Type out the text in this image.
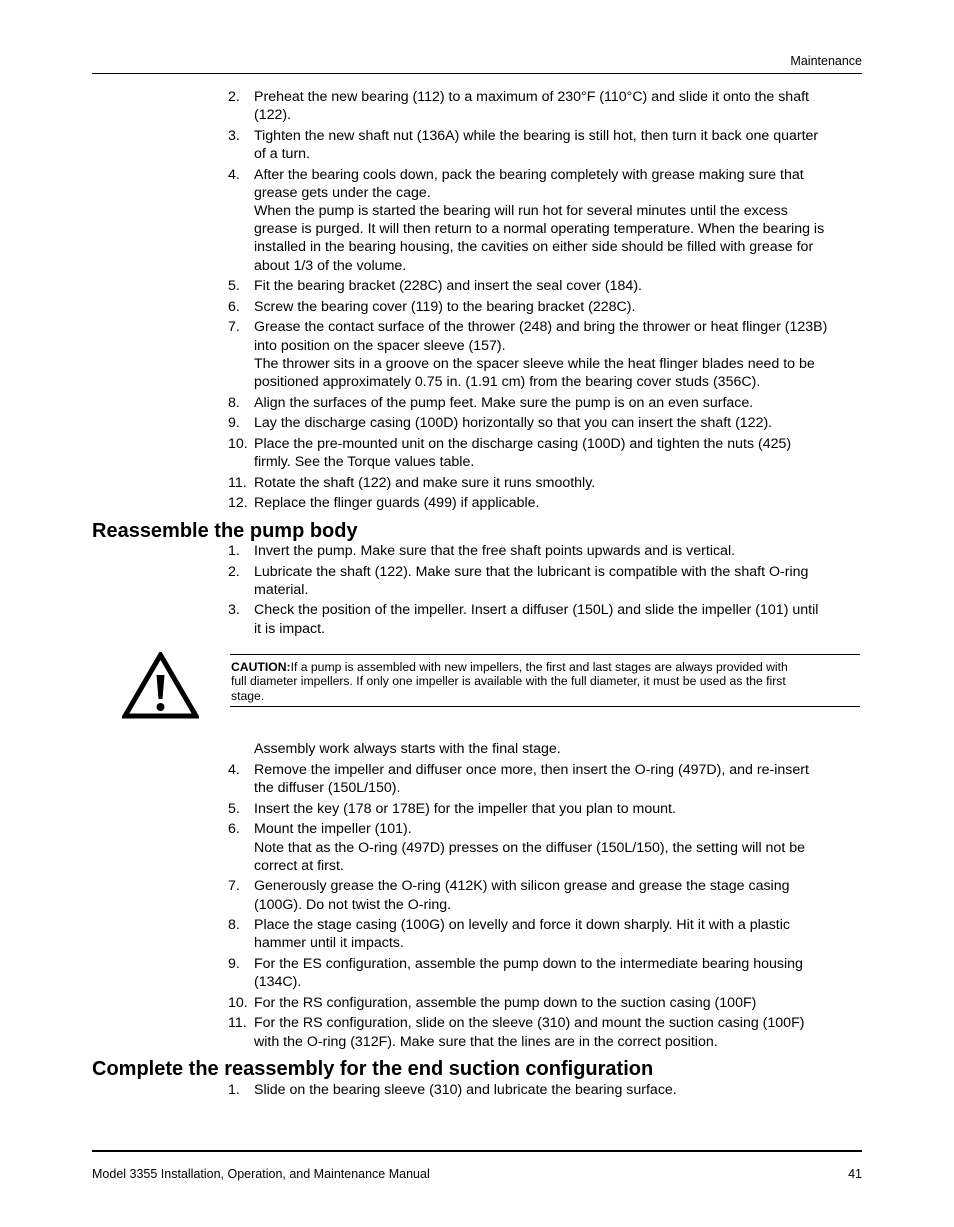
Maintenance
2. Preheat the new bearing (112) to a maximum of 230°F (110°C) and slide it onto the shaft

(122).

3. Tighten the new shaft nut (136A) while the bearing is still hot, then turn it back one quarter

of a turn.

4. After the bearing cools down, pack the bearing completely with grease making sure that

grease gets under the cage.

When the pump is started the bearing will run hot for several minutes until the excess

grease is purged. It will then return to a normal operating temperature. When the bearing is

installed in the bearing housing, the cavities on either side should be filled with grease for

about 1/3 of the volume.

5. Fit the bearing bracket (228C) and insert the seal cover (184).

6. Screw the bearing cover (119) to the bearing bracket (228C).

7. Grease the contact surface of the thrower (248) and bring the thrower or heat flinger (123B)

into position on the spacer sleeve (157).

The thrower sits in a groove on the spacer sleeve while the heat flinger blades need to be

positioned approximately 0.75 in. (1.91 cm) from the bearing cover studs (356C).

8. Align the surfaces of the pump feet. Make sure the pump is on an even surface.

9. Lay the discharge casing (100D) horizontally so that you can insert the shaft (122).

10. Place the pre-mounted unit on the discharge casing (100D) and tighten the nuts (425)

firmly. See the Torque values table.

11. Rotate the shaft (122) and make sure it runs smoothly.

12. Replace the flinger guards (499) if applicable.

Reassemble the pump body
1. Invert the pump. Make sure that the free shaft points upwards and is vertical.

2. Lubricate the shaft (122). Make sure that the lubricant is compatible with the shaft O-ring

material.

3. Check the position of the impeller. Insert a diffuser (150L) and slide the impeller (101) until

it is impact.

CAUTION:If a pump is assembled with new impellers, the first and last stages are always provided with
full diameter impellers. If only one impeller is available with the full diameter, it must be used as the first
stage.
Assembly work always starts with the final stage.
4. Remove the impeller and diffuser once more, then insert the O-ring (497D), and re-insert

the diffuser (150L/150).

5. Insert the key (178 or 178E) for the impeller that you plan to mount.

6. Mount the impeller (101).

Note that as the O-ring (497D) presses on the diffuser (150L/150), the setting will not be

correct at first.

7. Generously grease the O-ring (412K) with silicon grease and grease the stage casing

(100G). Do not twist the O-ring.

8. Place the stage casing (100G) on levelly and force it down sharply. Hit it with a plastic

hammer until it impacts.

9. For the ES configuration, assemble the pump down to the intermediate bearing housing

(134C).

10. For the RS configuration, assemble the pump down to the suction casing (100F)

11. For the RS configuration, slide on the sleeve (310) and mount the suction casing (100F)

with the O-ring (312F). Make sure that the lines are in the correct position.

Complete the reassembly for the end suction configuration
1. Slide on the bearing sleeve (310) and lubricate the bearing surface.

Model 3355 Installation, Operation, and Maintenance Manual	41
